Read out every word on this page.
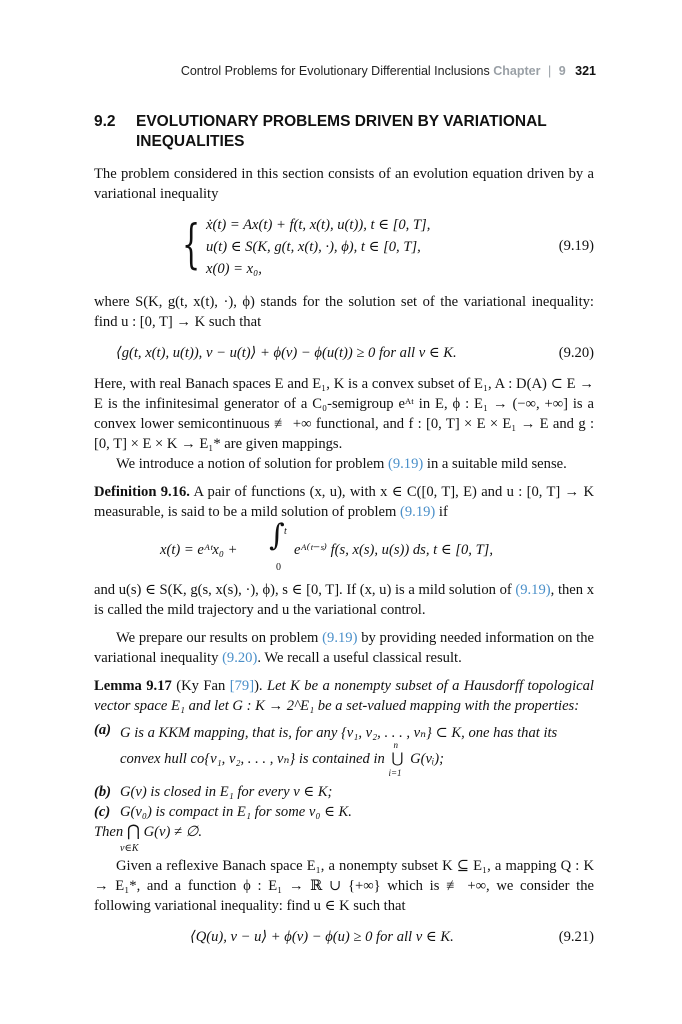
Control Problems for Evolutionary Differential Inclusions Chapter | 9 321
9.2	EVOLUTIONARY PROBLEMS DRIVEN BY VARIATIONAL INEQUALITIES

The problem considered in this section consists of an evolution equation driven by a variational inequality

{ ẋ(t) = Ax(t) + f(t, x(t), u(t)), t ∈ [0, T],
u(t) ∈ S(K, g(t, x(t), ·), ϕ), t ∈ [0, T],
x(0) = x₀,
(9.19)

where S(K, g(t, x(t), ·), ϕ) stands for the solution set of the variational inequality: find u : [0, T] → K such that

⟨g(t, x(t), u(t)), v − u(t)⟩ + ϕ(v) − ϕ(u(t)) ≥ 0 for all v ∈ K.	(9.20)

Here, with real Banach spaces E and E₁, K is a convex subset of E₁, A : D(A) ⊂ E → E is the infinitesimal generator of a C₀-semigroup eᴬᵗ in E, ϕ : E₁ → (−∞, +∞] is a convex lower semicontinuous ≢ +∞ functional, and f : [0, T] × E × E₁ → E and g : [0, T] × E × K → E₁* are given mappings.

We introduce a notion of solution for problem (9.19) in a suitable mild sense.

Definition 9.16. A pair of functions (x, u), with x ∈ C([0, T], E) and u : [0, T] → K measurable, is said to be a mild solution of problem (9.19) if

x(t) = eᴬᵗx₀ + ∫ t
0
eᴬ⁽ᵗ⁻ˢ⁾ f(s, x(s), u(s)) ds, t ∈ [0, T],

and u(s) ∈ S(K, g(s, x(s), ·), ϕ), s ∈ [0, T]. If (x, u) is a mild solution of (9.19), then x is called the mild trajectory and u the variational control.

We prepare our results on problem (9.19) by providing needed information on the variational inequality (9.20). We recall a useful classical result.

Lemma 9.17 (Ky Fan [79]). Let K be a nonempty subset of a Hausdorff topological vector space E₁ and let G : K → 2^E₁ be a set-valued mapping with the properties:

(a) G is a KKM mapping, that is, for any {v₁, v₂, . . . , vₙ} ⊂ K, one has that its convex hull co{v₁, v₂, . . . , vₙ} is contained in
n
⋃
i=1
G(vᵢ);
(b) G(v) is closed in E₁ for every v ∈ K;
(c) G(v₀) is compact in E₁ for some v₀ ∈ K.
Then ⋂ G(v) ≠ ∅.
v∈K

Given a reflexive Banach space E₁, a nonempty subset K ⊆ E₁, a mapping Q : K → E₁*, and a function ϕ : E₁ → ℝ ∪ {+∞} which is ≢ +∞, we consider the following variational inequality: find u ∈ K such that

⟨Q(u), v − u⟩ + ϕ(v) − ϕ(u) ≥ 0 for all v ∈ K.	(9.21)
